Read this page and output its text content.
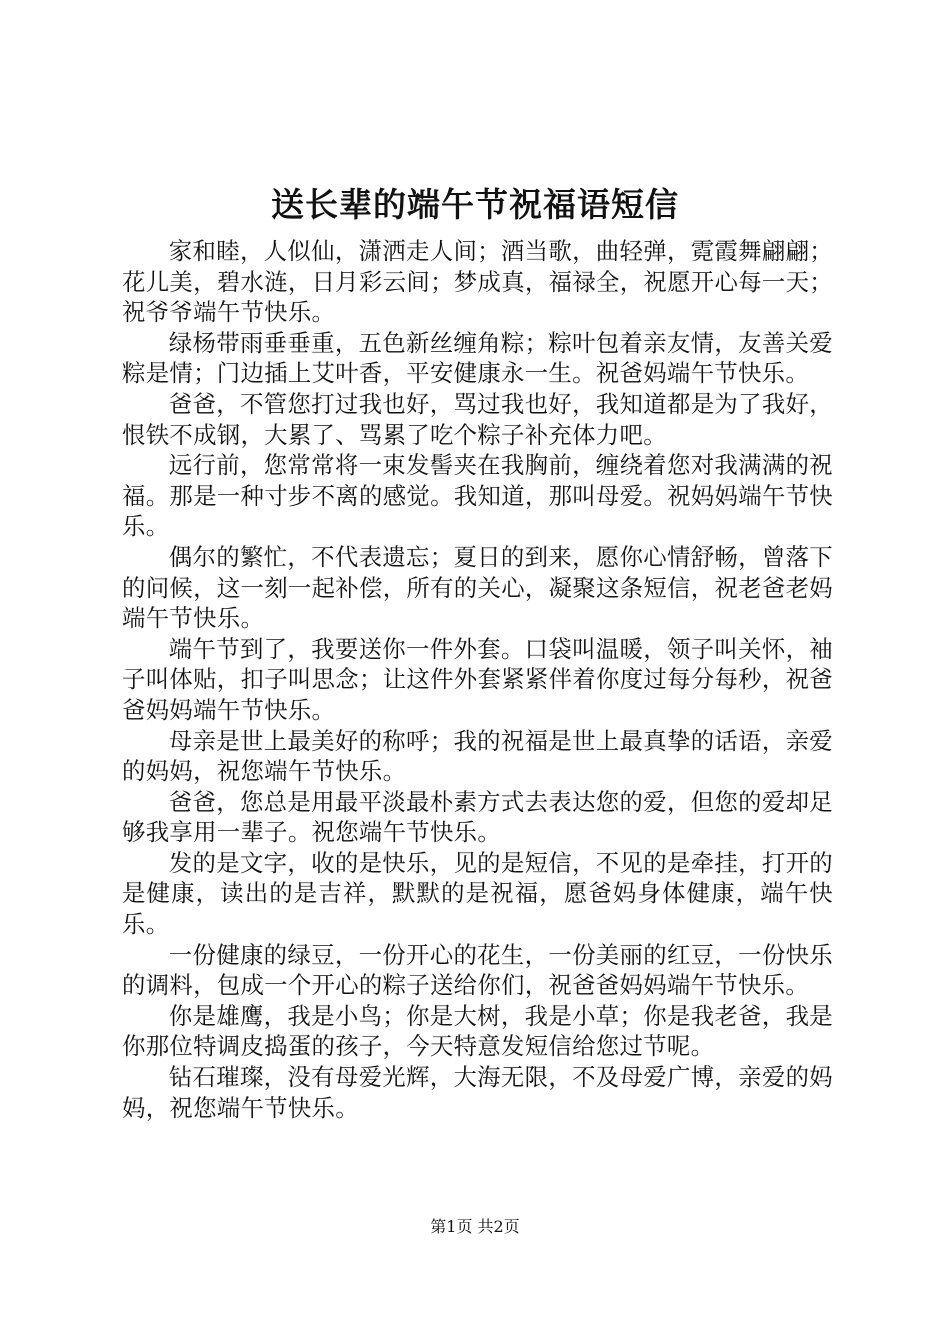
送长辈的端午节祝福语短信

家和睦，人似仙，潇洒走人间；酒当歌，曲轻弹，霓霞舞翩翩；花儿美，碧水涟，日月彩云间；梦成真，福禄全，祝愿开心每一天；祝爷爷端午节快乐。

绿杨带雨垂垂重，五色新丝缠角粽；粽叶包着亲友情，友善关爱粽是情；门边插上艾叶香，平安健康永一生。祝爸妈端午节快乐。

爸爸，不管您打过我也好，骂过我也好，我知道都是为了我好，恨铁不成钢，大累了、骂累了吃个粽子补充体力吧。

远行前，您常常将一束发髻夹在我胸前，缠绕着您对我满满的祝福。那是一种寸步不离的感觉。我知道，那叫母爱。祝妈妈端午节快乐。

偶尔的繁忙，不代表遗忘；夏日的到来，愿你心情舒畅，曾落下的问候，这一刻一起补偿，所有的关心，凝聚这条短信，祝老爸老妈端午节快乐。

端午节到了，我要送你一件外套。口袋叫温暖，领子叫关怀，袖子叫体贴，扣子叫思念；让这件外套紧紧伴着你度过每分每秒，祝爸爸妈妈端午节快乐。

母亲是世上最美好的称呼；我的祝福是世上最真挚的话语，亲爱的妈妈，祝您端午节快乐。

爸爸，您总是用最平淡最朴素方式去表达您的爱，但您的爱却足够我享用一辈子。祝您端午节快乐。

发的是文字，收的是快乐，见的是短信，不见的是牵挂，打开的是健康，读出的是吉祥，默默的是祝福，愿爸妈身体健康，端午快乐。

一份健康的绿豆，一份开心的花生，一份美丽的红豆，一份快乐的调料，包成一个开心的粽子送给你们，祝爸爸妈妈端午节快乐。

你是雄鹰，我是小鸟；你是大树，我是小草；你是我老爸，我是你那位特调皮捣蛋的孩子，今天特意发短信给您过节呢。

钻石璀璨，没有母爱光辉，大海无限，不及母爱广博，亲爱的妈妈，祝您端午节快乐。

第1页 共2页
